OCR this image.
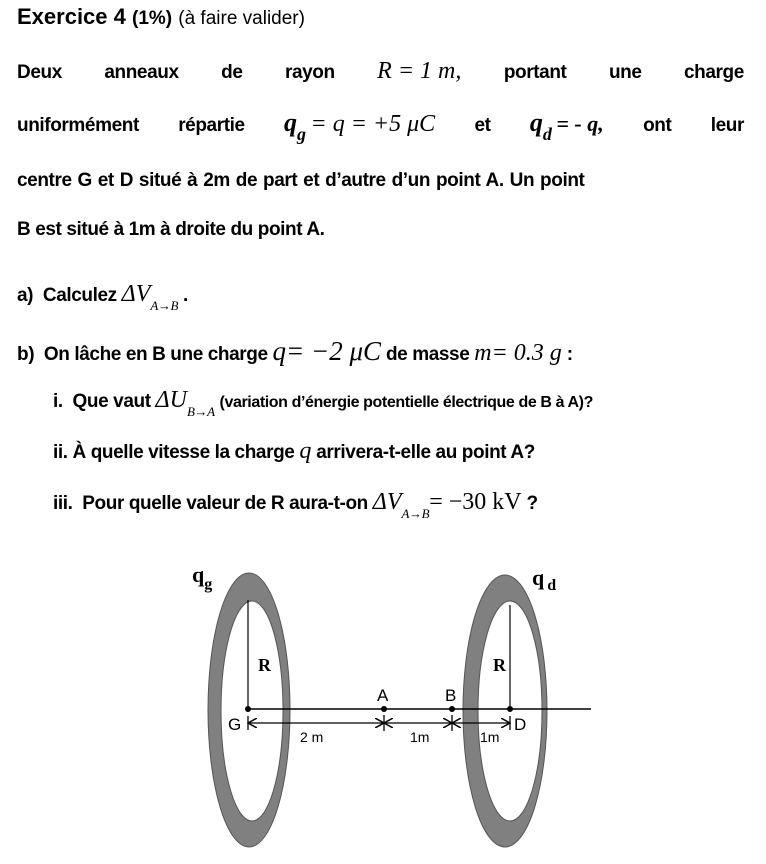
Exercice 4 (1%) (à faire valider)
Deux anneaux de rayon R = 1 m, portant une charge
uniformément répartie $q_g = q = +5$ μC et $q_d$ = - q, ont leur
centre G et D situé à 2m de part et d’autre d’un point A. Un point
B est situé à 1m à droite du point A.
a) Calculez $\Delta V_{A\to B}$ .
b) On lâche en B une charge q= −2 μC de masse m= 0.3 g :
i. Que vaut $\Delta U_{B\to A}$ (variation d’énergie potentielle électrique de B à A)?
ii. À quelle vitesse la charge q arrivera-t-elle au point A?
iii. Pour quelle valeur de R aura-t-on $\Delta V_{A\to B}= -30$ kV ?
$q_g$	q $_d$
R	R
A	B
G	D
2 m	1m	1m
